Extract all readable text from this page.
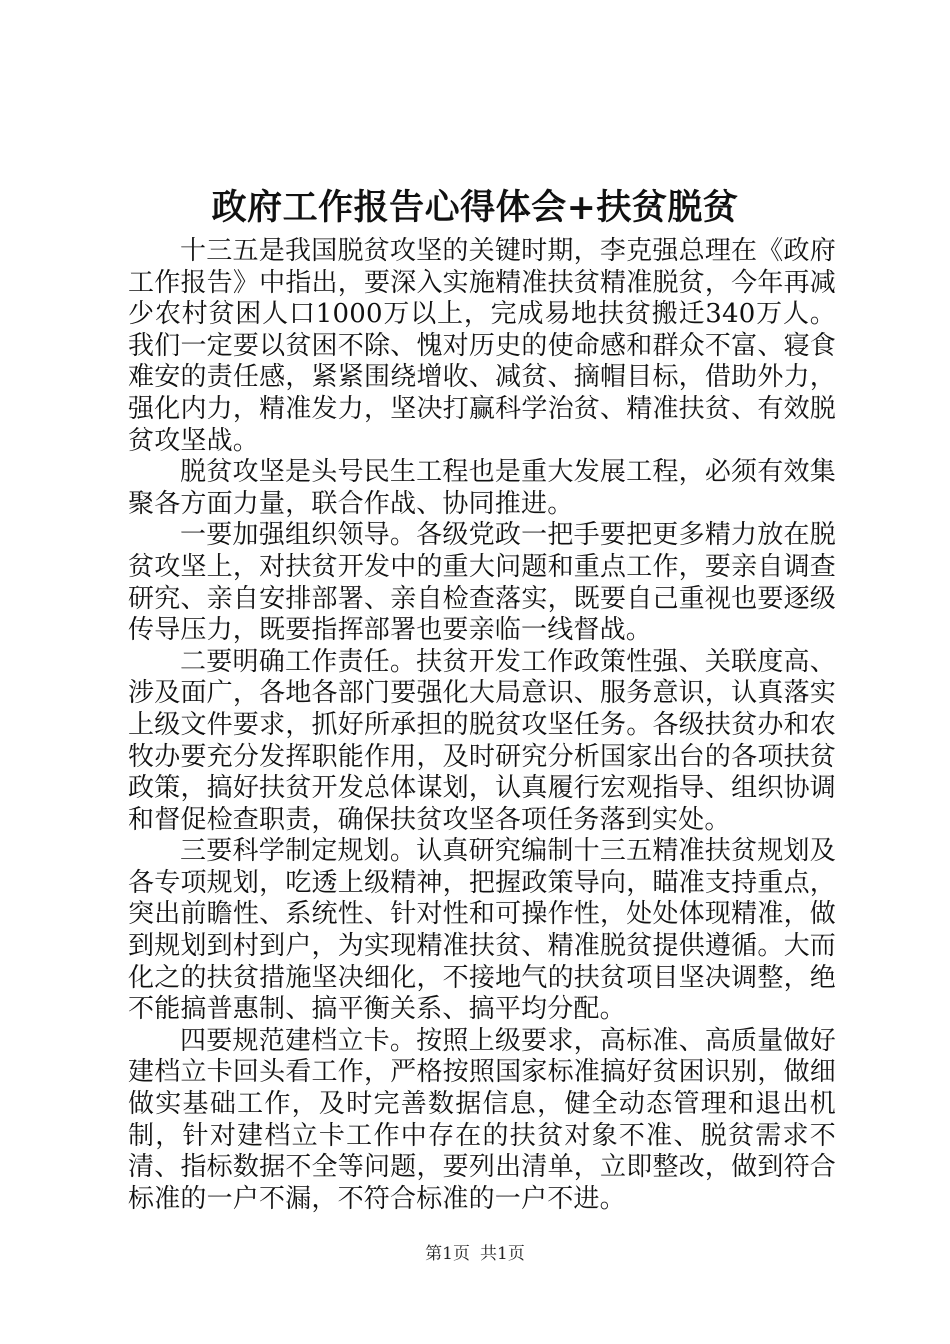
政府工作报告心得体会+扶贫脱贫

十三五是我国脱贫攻坚的关键时期，李克强总理在《政府工作报告》中指出，要深入实施精准扶贫精准脱贫，今年再减少农村贫困人口1000万以上，完成易地扶贫搬迁340万人。我们一定要以贫困不除、愧对历史的使命感和群众不富、寝食难安的责任感，紧紧围绕增收、减贫、摘帽目标，借助外力，强化内力，精准发力，坚决打赢科学治贫、精准扶贫、有效脱贫攻坚战。

脱贫攻坚是头号民生工程也是重大发展工程，必须有效集聚各方面力量，联合作战、协同推进。

一要加强组织领导。各级党政一把手要把更多精力放在脱贫攻坚上，对扶贫开发中的重大问题和重点工作，要亲自调查研究、亲自安排部署、亲自检查落实，既要自己重视也要逐级传导压力，既要指挥部署也要亲临一线督战。

二要明确工作责任。扶贫开发工作政策性强、关联度高、涉及面广，各地各部门要强化大局意识、服务意识，认真落实上级文件要求，抓好所承担的脱贫攻坚任务。各级扶贫办和农牧办要充分发挥职能作用，及时研究分析国家出台的各项扶贫政策，搞好扶贫开发总体谋划，认真履行宏观指导、组织协调和督促检查职责，确保扶贫攻坚各项任务落到实处。

三要科学制定规划。认真研究编制十三五精准扶贫规划及各专项规划，吃透上级精神，把握政策导向，瞄准支持重点，突出前瞻性、系统性、针对性和可操作性，处处体现精准，做到规划到村到户，为实现精准扶贫、精准脱贫提供遵循。大而化之的扶贫措施坚决细化，不接地气的扶贫项目坚决调整，绝不能搞普惠制、搞平衡关系、搞平均分配。

四要规范建档立卡。按照上级要求，高标准、高质量做好建档立卡回头看工作，严格按照国家标准搞好贫困识别，做细做实基础工作，及时完善数据信息，健全动态管理和退出机制，针对建档立卡工作中存在的扶贫对象不准、脱贫需求不清、指标数据不全等问题，要列出清单，立即整改，做到符合标准的一户不漏，不符合标准的一户不进。

第1页 共1页
